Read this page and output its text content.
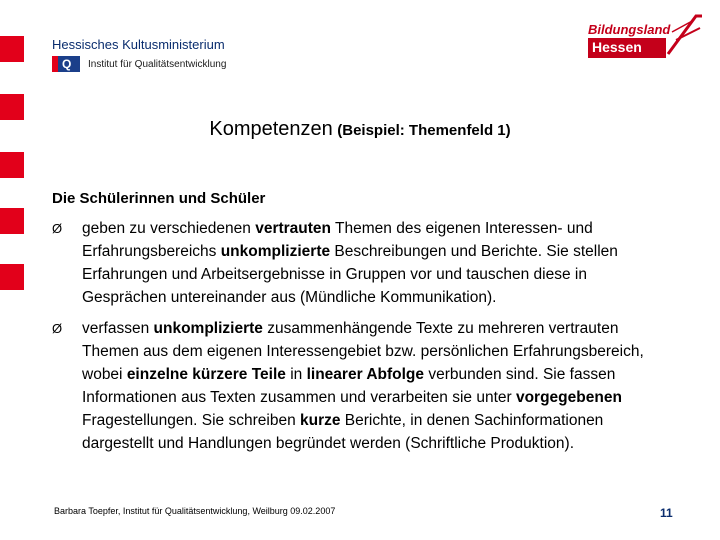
Hessisches Kultusministerium
Q Institut für Qualitätsentwicklung
Bildungsland
Hessen
Kompetenzen (Beispiel: Themenfeld 1)
Die Schülerinnen und Schüler
Ø geben zu verschiedenen vertrauten Themen des eigenen Interessen- und Erfahrungsbereichs unkomplizierte Beschreibungen und Berichte. Sie stellen Erfahrungen und Arbeitsergebnisse in Gruppen vor und tauschen diese in Gesprächen untereinander aus (Mündliche Kommunikation).
Ø verfassen unkomplizierte zusammenhängende Texte zu mehreren vertrauten Themen aus dem eigenen Interessengebiet bzw. persönlichen Erfahrungsbereich, wobei einzelne kürzere Teile in linearer Abfolge verbunden sind. Sie fassen Informationen aus Texten zusammen und verarbeiten sie unter vorgegebenen Fragestellungen. Sie schreiben kurze Berichte, in denen Sachinformationen dargestellt und Handlungen begründet werden (Schriftliche Produktion).
Barbara Toepfer, Institut für Qualitätsentwicklung, Weilburg 09.02.2007	11
